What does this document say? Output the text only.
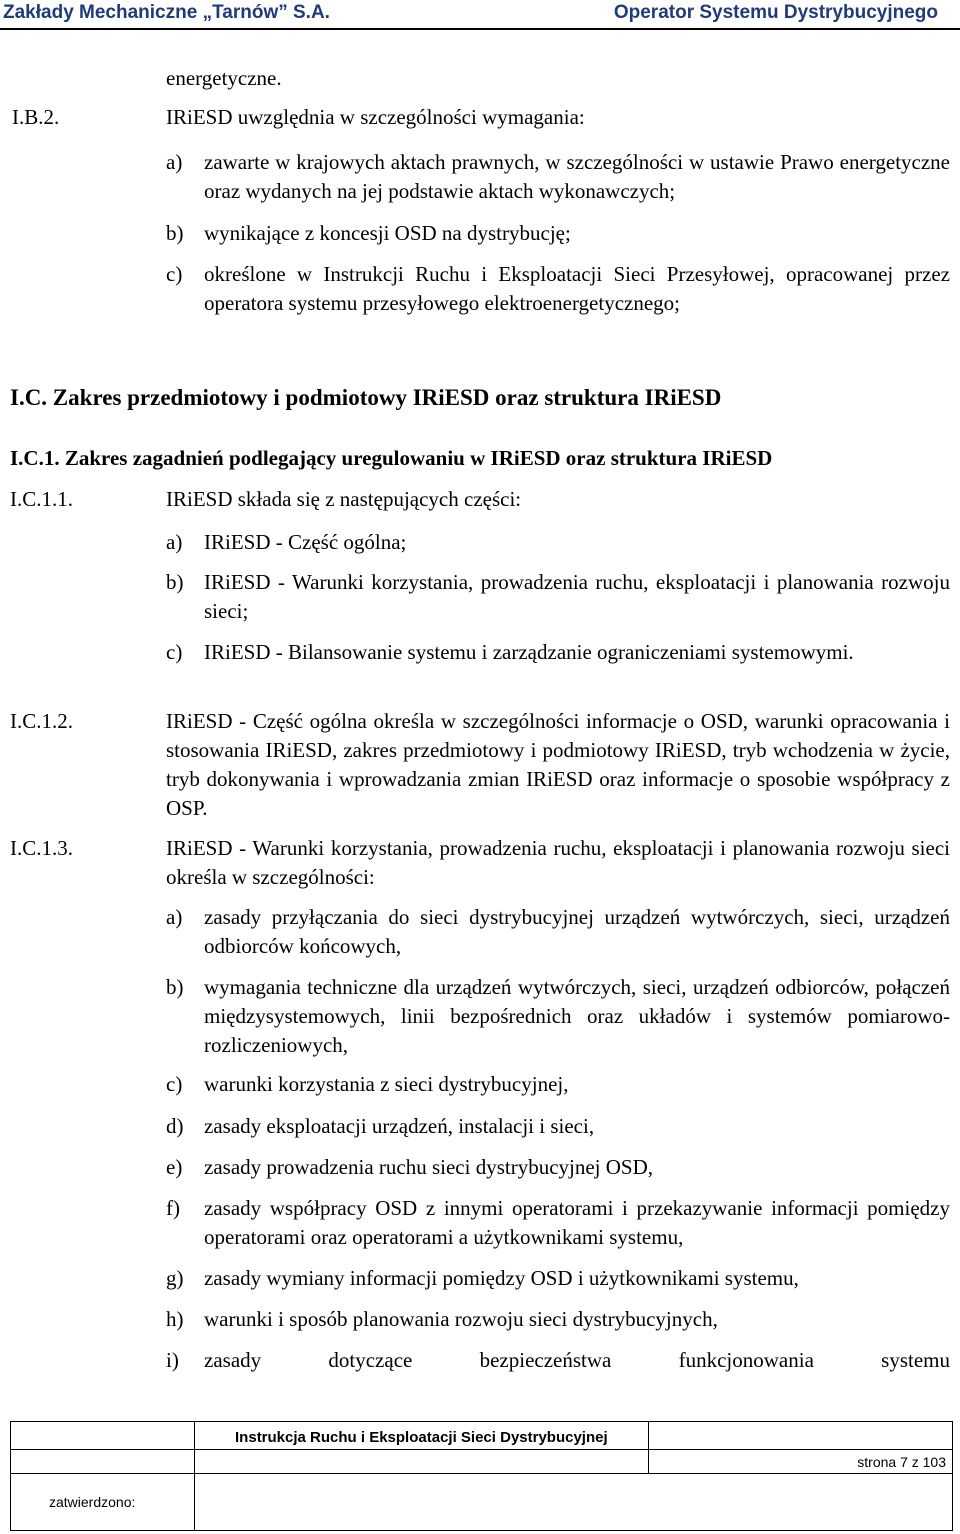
Zakłady Mechaniczne „Tarnów” S.A.	Operator Systemu Dystrybucyjnego
energetyczne.
I.B.2.	IRiESD uwzględnia w szczególności wymagania:
a)	zawarte w krajowych aktach prawnych, w szczególności w ustawie Prawo energetyczne oraz wydanych na jej podstawie aktach wykonawczych;
b) wynikające z koncesji OSD na dystrybucję;
c)	określone w Instrukcji Ruchu i Eksploatacji Sieci Przesyłowej, opracowanej przez operatora systemu przesyłowego elektroenergetycznego;
I.C. Zakres przedmiotowy i podmiotowy IRiESD oraz struktura IRiESD
I.C.1. Zakres zagadnień podlegający uregulowaniu w IRiESD oraz struktura IRiESD
I.C.1.1.	IRiESD składa się z następujących części:
a)	IRiESD - Część ogólna;
b) IRiESD - Warunki korzystania, prowadzenia ruchu, eksploatacji i planowania rozwoju sieci;
c)	IRiESD - Bilansowanie systemu i zarządzanie ograniczeniami systemowymi.
I.C.1.2.	IRiESD - Część ogólna określa w szczególności informacje o OSD, warunki opracowania i stosowania IRiESD, zakres przedmiotowy i podmiotowy IRiESD, tryb wchodzenia w życie, tryb dokonywania i wprowadzania zmian IRiESD oraz informacje o sposobie współpracy z OSP.
I.C.1.3.	IRiESD - Warunki korzystania, prowadzenia ruchu, eksploatacji i planowania rozwoju sieci określa w szczególności:
a)	zasady przyłączania do sieci dystrybucyjnej urządzeń wytwórczych, sieci, urządzeń odbiorców końcowych,
b) wymagania techniczne dla urządzeń wytwórczych, sieci, urządzeń odbiorców, połączeń międzysystemowych, linii bezpośrednich oraz układów i systemów pomiarowo-rozliczeniowych,
c)	warunki korzystania z sieci dystrybucyjnej,
d) zasady eksploatacji urządzeń, instalacji i sieci,
e)	zasady prowadzenia ruchu sieci dystrybucyjnej OSD,
f)	zasady współpracy OSD z innymi operatorami i przekazywanie informacji pomiędzy operatorami oraz operatorami a użytkownikami systemu,
g) zasady wymiany informacji pomiędzy OSD i użytkownikami systemu,
h) warunki i sposób planowania rozwoju sieci dystrybucyjnych,
i)	zasady dotyczące bezpieczeństwa funkcjonowania systemu
	Instrukcja Ruchu i Eksploatacji Sieci Dystrybucyjnej	
		strona 7 z 103
zatwierdzono:		
